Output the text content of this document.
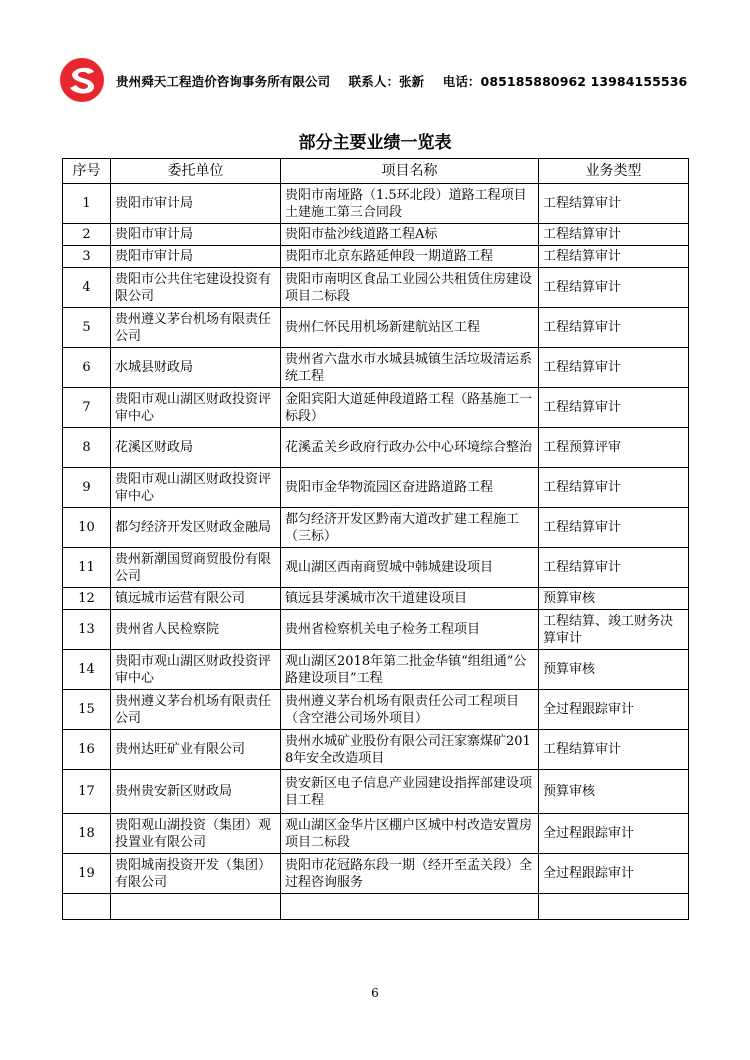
贵州舜天工程造价咨询事务所有限公司 联系人：张新 电话：085185880962 13984155536
部分主要业绩一览表
序号	委托单位	项目名称	业务类型
1	贵阳市审计局	贵阳市南垭路（1.5环北段）道路工程项目土建施工第三合同段	工程结算审计
2	贵阳市审计局	贵阳市盐沙线道路工程A标	工程结算审计
3	贵阳市审计局	贵阳市北京东路延伸段一期道路工程	工程结算审计
4	贵阳市公共住宅建设投资有限公司	贵阳市南明区食品工业园公共租赁住房建设项目二标段	工程结算审计
5	贵州遵义茅台机场有限责任公司	贵州仁怀民用机场新建航站区工程	工程结算审计
6	水城县财政局	贵州省六盘水市水城县城镇生活垃圾清运系统工程	工程结算审计
7	贵阳市观山湖区财政投资评审中心	金阳宾阳大道延伸段道路工程（路基施工一标段）	工程结算审计
8	花溪区财政局	花溪孟关乡政府行政办公中心环境综合整治	工程预算评审
9	贵阳市观山湖区财政投资评审中心	贵阳市金华物流园区奋进路道路工程	工程结算审计
10	都匀经济开发区财政金融局	都匀经济开发区黔南大道改扩建工程施工（三标）	工程结算审计
11	贵州新潮国贸商贸股份有限公司	观山湖区西南商贸城中韩城建设项目	工程结算审计
12	镇远城市运营有限公司	镇远县芽溪城市次干道建设项目	预算审核
13	贵州省人民检察院	贵州省检察机关电子检务工程项目	工程结算、竣工财务决算审计
14	贵阳市观山湖区财政投资评审中心	观山湖区2018年第二批金华镇“组组通”公路建设项目”工程	预算审核
15	贵州遵义茅台机场有限责任公司	贵州遵义茅台机场有限责任公司工程项目（含空港公司场外项目）	全过程跟踪审计
16	贵州达旺矿业有限公司	贵州水城矿业股份有限公司汪家寨煤矿2018年安全改造项目	工程结算审计
17	贵州贵安新区财政局	贵安新区电子信息产业园建设指挥部建设项目工程	预算审核
18	贵阳观山湖投资（集团）观投置业有限公司	观山湖区金华片区棚户区城中村改造安置房项目二标段	全过程跟踪审计
19	贵阳城南投资开发（集团）有限公司	贵阳市花冠路东段一期（经开至孟关段）全过程咨询服务	全过程跟踪审计

6
